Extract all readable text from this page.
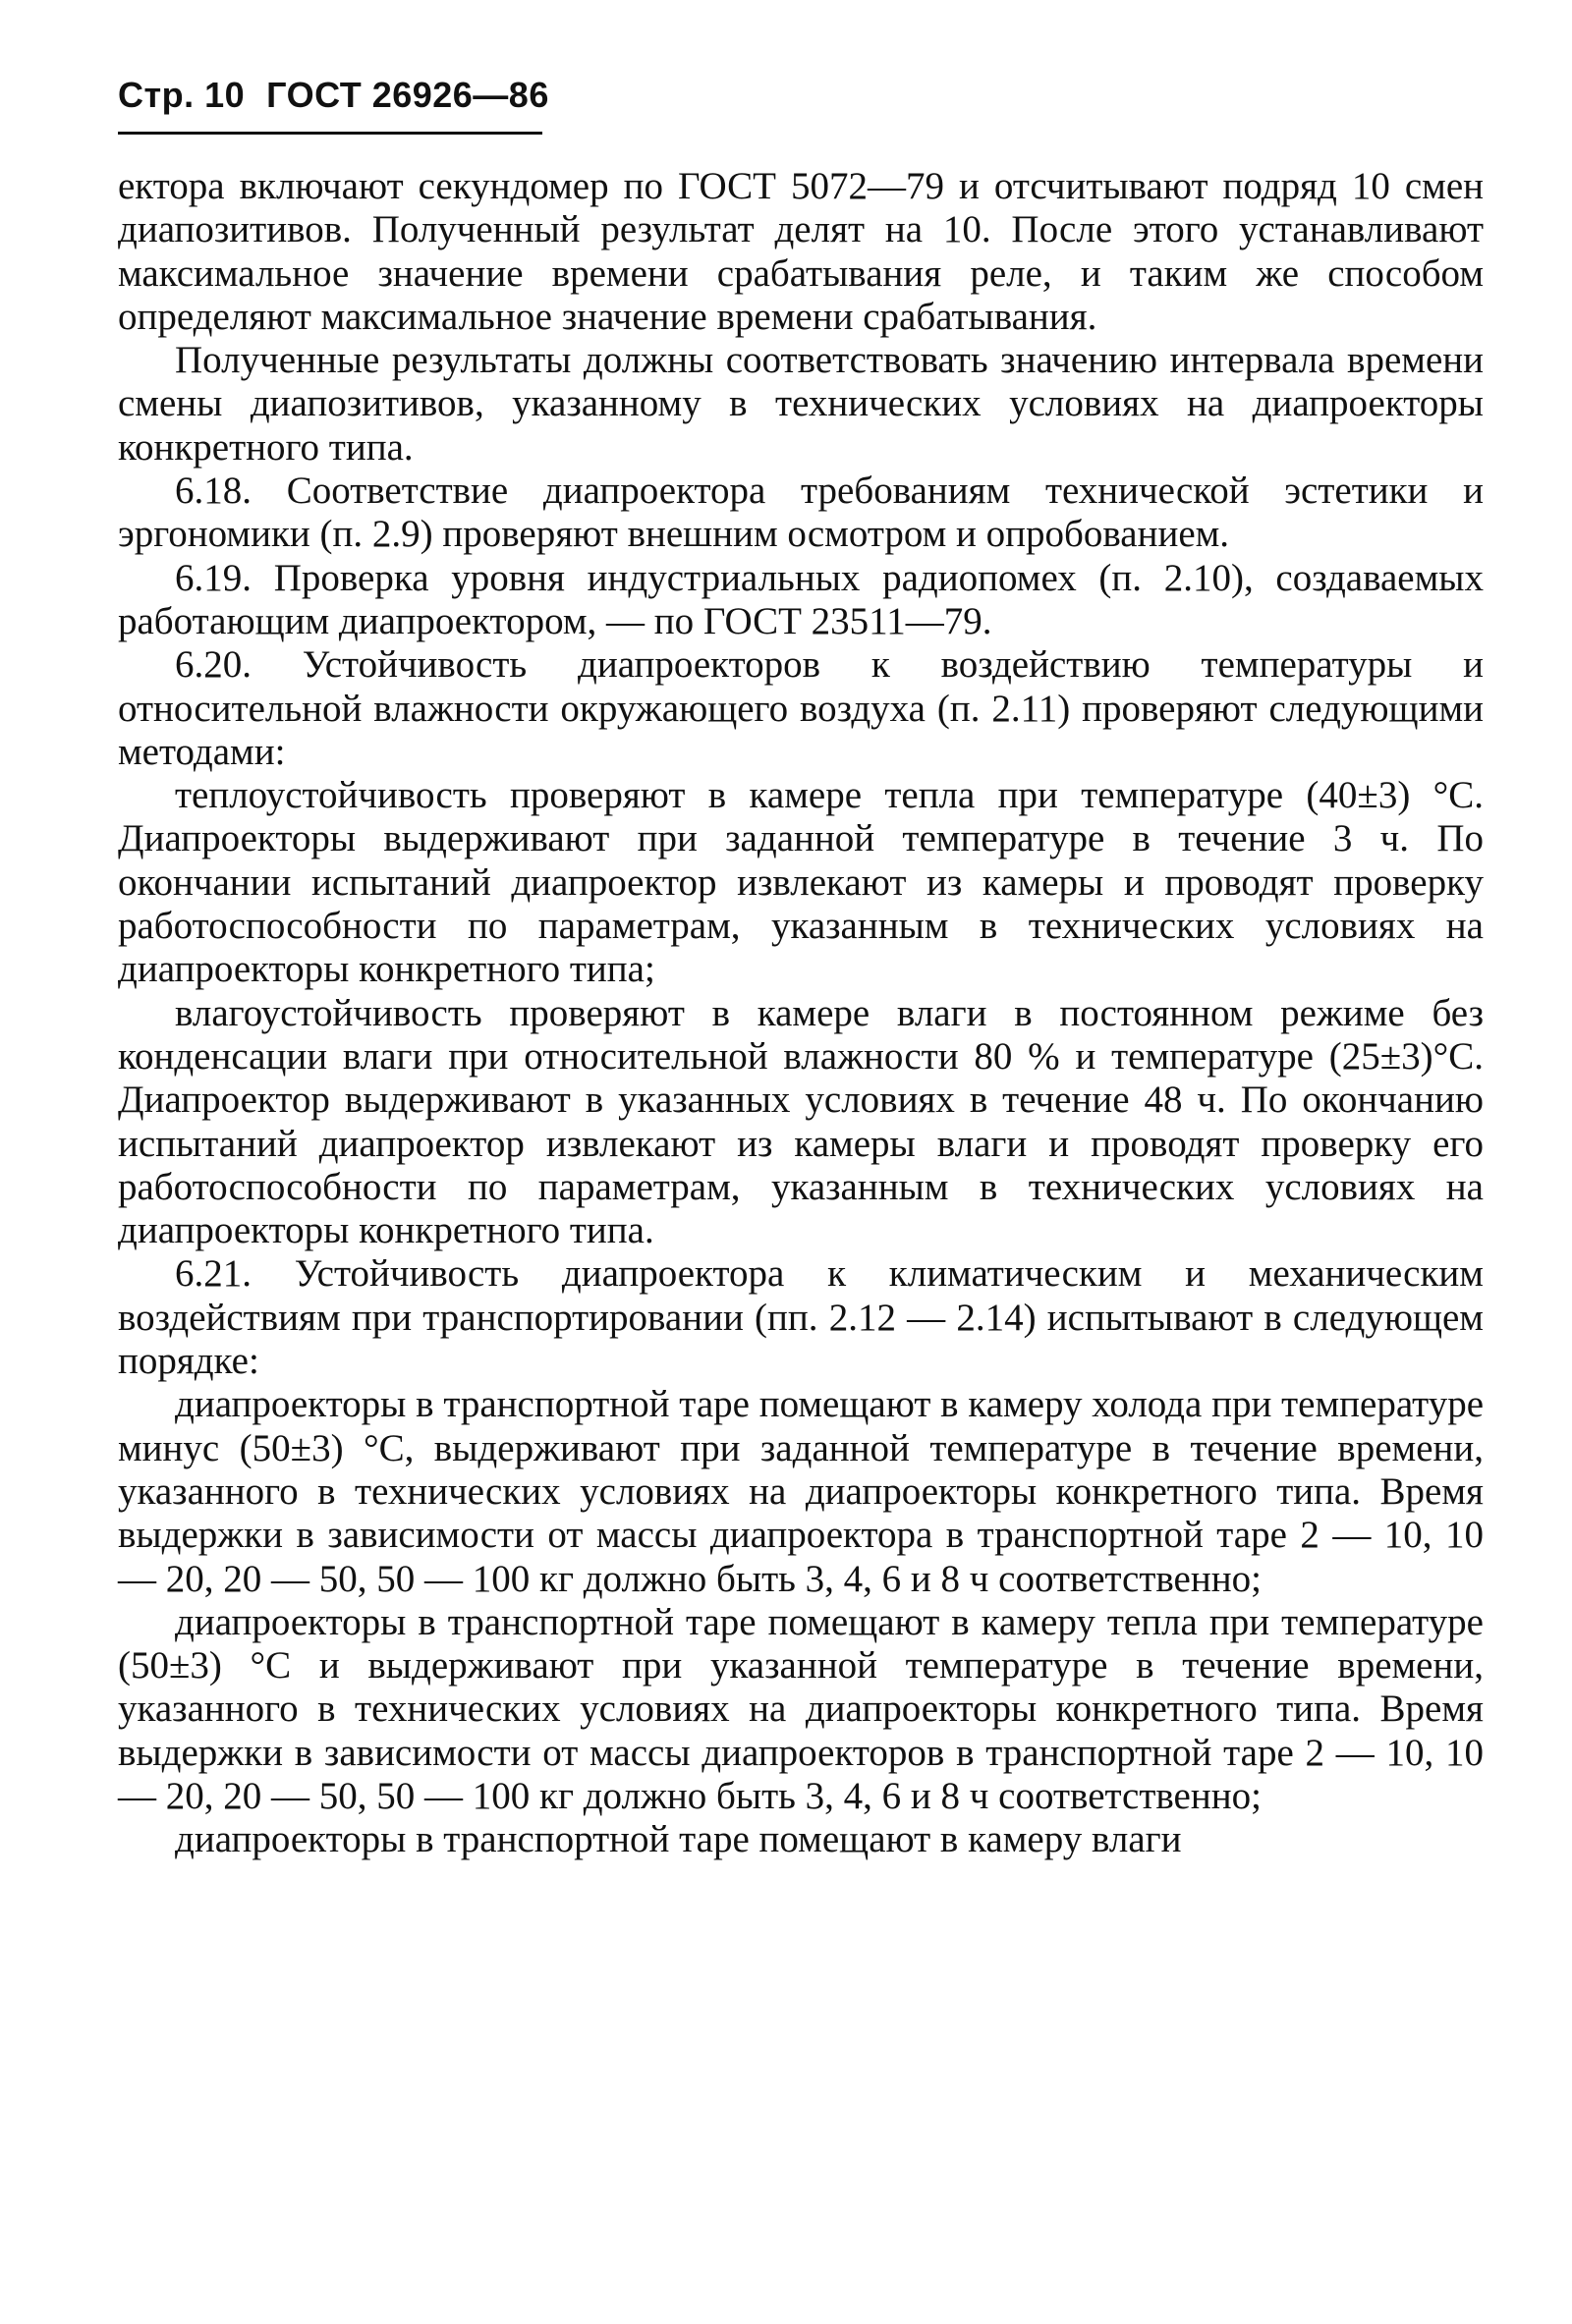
Стр. 10 ГОСТ 26926—86

ектора включают секундомер по ГОСТ 5072—79 и отсчитывают подряд 10 смен диапозитивов. Полученный результат делят на 10. После этого устанавливают максимальное значение времени срабатывания реле, и таким же способом определяют максимальное значение времени срабатывания.

Полученные результаты должны соответствовать значению интервала времени смены диапозитивов, указанному в технических условиях на диапроекторы конкретного типа.

6.18. Соответствие диапроектора требованиям технической эстетики и эргономики (п. 2.9) проверяют внешним осмотром и опробованием.

6.19. Проверка уровня индустриальных радиопомех (п. 2.10), создаваемых работающим диапроектором, — по ГОСТ 23511—79.

6.20. Устойчивость диапроекторов к воздействию температуры и относительной влажности окружающего воздуха (п. 2.11) проверяют следующими методами:

теплоустойчивость проверяют в камере тепла при температуре (40±3) °С. Диапроекторы выдерживают при заданной температуре в течение 3 ч. По окончании испытаний диапроектор извлекают из камеры и проводят проверку работоспособности по параметрам, указанным в технических условиях на диапроекторы конкретного типа;

влагоустойчивость проверяют в камере влаги в постоянном режиме без конденсации влаги при относительной влажности 80 % и температуре (25±3)°С. Диапроектор выдерживают в указанных условиях в течение 48 ч. По окончанию испытаний диапроектор извлекают из камеры влаги и проводят проверку его работоспособности по параметрам, указанным в технических условиях на диапроекторы конкретного типа.

6.21. Устойчивость диапроектора к климатическим и механическим воздействиям при транспортировании (пп. 2.12 — 2.14) испытывают в следующем порядке:

диапроекторы в транспортной таре помещают в камеру холода при температуре минус (50±3) °С, выдерживают при заданной температуре в течение времени, указанного в технических условиях на диапроекторы конкретного типа. Время выдержки в зависимости от массы диапроектора в транспортной таре 2 — 10, 10 — 20, 20 — 50, 50 — 100 кг должно быть 3, 4, 6 и 8 ч соответственно;

диапроекторы в транспортной таре помещают в камеру тепла при температуре (50±3) °С и выдерживают при указанной температуре в течение времени, указанного в технических условиях на диапроекторы конкретного типа. Время выдержки в зависимости от массы диапроекторов в транспортной таре 2 — 10, 10 — 20, 20 — 50, 50 — 100 кг должно быть 3, 4, 6 и 8 ч соответственно;

диапроекторы в транспортной таре помещают в камеру влаги
